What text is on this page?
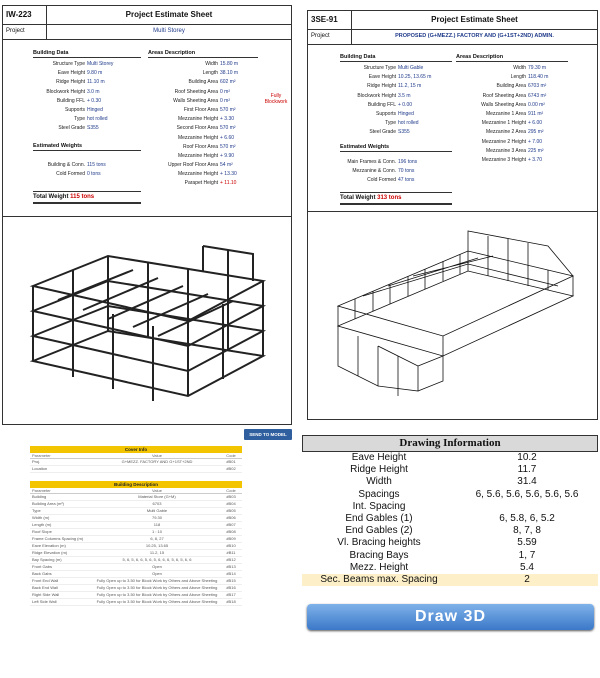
IW-223	Project Estimate Sheet
Project	Multi Storey
Building Data
Structure Type Multi Storey
Eave Height 9.80 m
Ridge Height 11.10 m
Blockwork Height 3.0 m
Building FFL + 0.30
Supports Hinged
Type hot rolled
Steel Grade S355
Areas Description
Width 15.80 m
Length 38.10 m
Building Area 602 m²
Roof Sheeting Area 0 m²
Walls Sheeting Area 0 m²
First Floor Area 570 m²
Mezzanine Height + 3.30
Second Floor Area 570 m²
Mezzanine Height + 6.60
Roof Floor Area 570 m²
Mezzanine Height + 9.90
Upper Roof Floor Area 54 m²
Mezzanine Height + 13.30
Parapet Height + 11.10
Fully
Blockwork
Estimated Weights
Building & Conn. 115 tons
Cold Formed 0 tons
Total Weight 115 tons
3SE-91	Project Estimate Sheet
Project	PROPOSED (G+MEZZ.) FACTORY AND (G+1ST+2ND) ADMIN.
Building Data
Structure Type Multi Gable
Eave Height 10.25, 13.65 m
Ridge Height 11.2, 15 m
Blockwork Height 3.5 m
Building FFL + 0.00
Supports Hinged
Type hot rolled
Steel Grade S355
Areas Description
Width 79.30 m
Length 118.40 m
Building Area 6703 m²
Roof Sheeting Area 6743 m²
Walls Sheeting Area 0.00 m²
Mezzanine 1 Area 911 m²
Mezzanine 1 Height + 6.00
Mezzanine 2 Area 295 m²
Mezzanine 2 Height + 7.00
Mezzanine 3 Area 225 m²
Mezzanine 3 Height + 3.70
Estimated Weights
Main Frames & Conn. 196 tons
Mezzanine & Conn. 70 tons
Cold Formed 47 tons
Total Weight 313 tons
Cover Info
Parameter	Value	Code
Proj.	G+MEZZ. FACTORY AND G+1ST+2ND	#B01
Location	#B02
Building Description
Parameter	Value	Code
Building	Material Store (G+M)	#B03
Building Area (m²)	6703	#B04
Type	Multi Gable	#B05
Width (m)	79.30	#B06
Length (m)	118	#B07
Roof Slope	1 : 10	#B08
Frame Columns Spacing (m)	6, 8, 27	#B09
Eave Elevation (m)	10.25, 13.65	#B10
Ridge Elevation (m)	11.2, 15	#B11
Bay Spacing (m)	5, 6, 5, 6, 6, 5, 6, 5, 6, 6, 6, 5, 6, 5, 6, 6	#B12
Front Gabs	Open	#B13
Back Gabs	Open	#B14
Front End Wall	Fully Open up to 3.50 for Block Work by Others and Above Sheeting	#B15
Back End Wall	Fully Open up to 3.50 for Block Work by Others and Above Sheeting	#B16
Right Side Wall	Fully Open up to 3.50 for Block Work by Others and Above Sheeting	#B17
Left Side Wall	Fully Open up to 3.50 for Block Work by Others and Above Sheeting	#B18
SEND TO MODEL
Drawing Information
Eave Height	10.2
Ridge Height	11.7
Width	31.4
Spacings	6, 5.6, 5.6, 5.6, 5.6, 5.6
Int. Spacing
End Gables (1)	6, 5.8, 6, 5.2
End Gables (2)	8, 7, 8
Vl. Bracing heights	5.59
Bracing Bays	1, 7
Mezz. Height	5.4
Sec. Beams max. Spacing	2
Draw 3D
